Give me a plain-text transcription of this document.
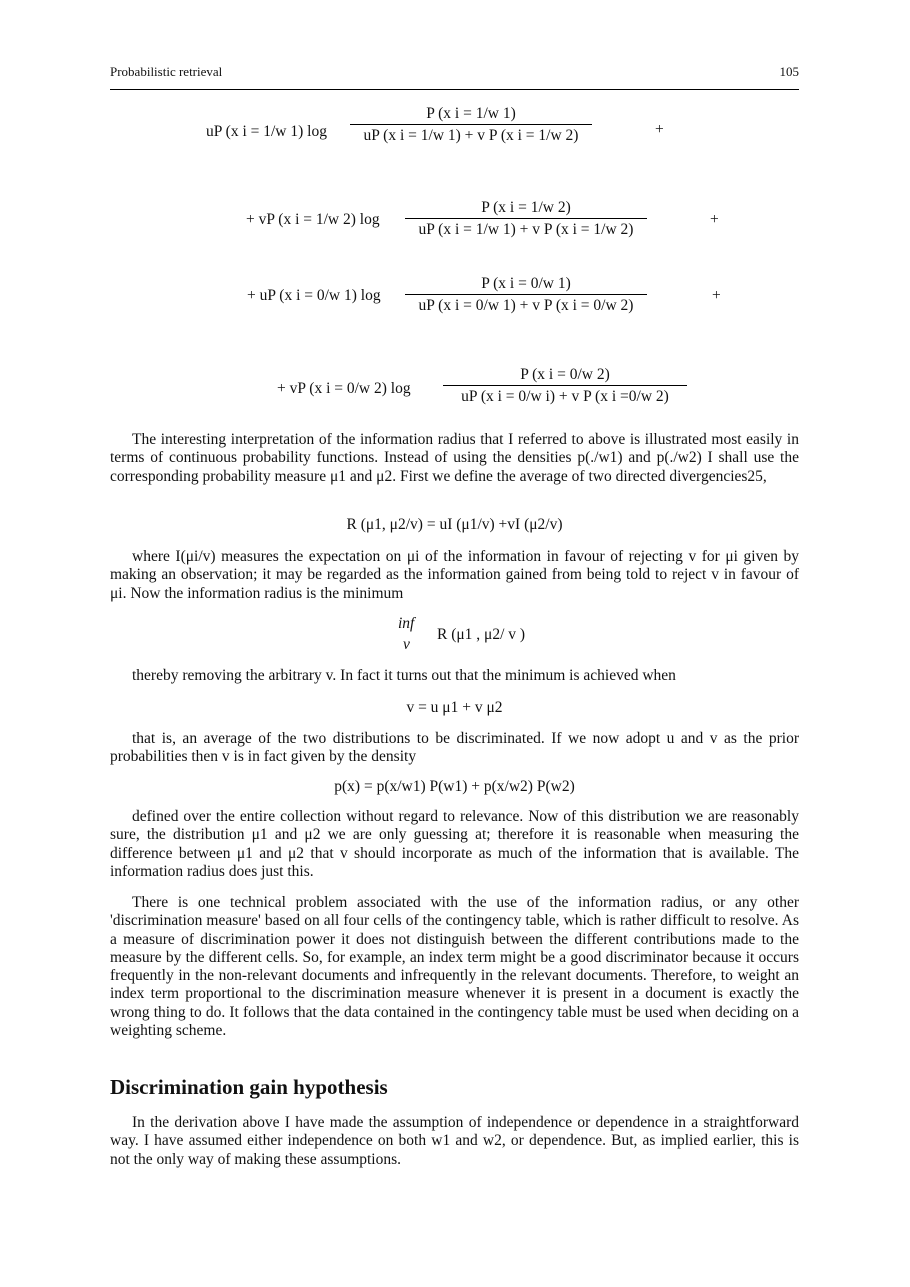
Probabilistic retrieval	105
uP (x i = 1/w 1) log
P (x i = 1/w 1)
uP (x i = 1/w 1) + v P (x i = 1/w 2)	+
+ vP (x i = 1/w 2) log
P (x i = 1/w 2)
uP (x i = 1/w 1) + v P (x i = 1/w 2)
+
+ uP (x i = 0/w 1) log
P (x i = 0/w 1)
uP (x i = 0/w 1) + v P (x i = 0/w 2)
+
+ vP (x i = 0/w 2) log
P (x i = 0/w 2)
uP (x i = 0/w i) + v P (x i =0/w 2)

The interesting interpretation of the information radius that I referred to above is illustrated most easily in terms of continuous probability functions. Instead of using the densities p(./w1) and p(./w2) I shall use the corresponding probability measure μ1 and μ2. First we define the average of two directed divergencies25,

R (μ1, μ2/v) = uI (μ1/v) +vI (μ2/v)

where I(μi/v) measures the expectation on μi of the information in favour of rejecting v for μi given by making an observation; it may be regarded as the information gained from being told to reject v in favour of μi. Now the information radius is the minimum

inf
v
R (μ1 , μ2/ v )

thereby removing the arbitrary v. In fact it turns out that the minimum is achieved when

v = u μ1 + v μ2

that is, an average of the two distributions to be discriminated. If we now adopt u and v as the prior probabilities then v is in fact given by the density

p(x) = p(x/w1) P(w1) + p(x/w2) P(w2)

defined over the entire collection without regard to relevance. Now of this distribution we are reasonably sure, the distribution μ1 and μ2 we are only guessing at; therefore it is reasonable when measuring the difference between μ1 and μ2 that v should incorporate as much of the information that is available. The information radius does just this.

There is one technical problem associated with the use of the information radius, or any other 'discrimination measure' based on all four cells of the contingency table, which is rather difficult to resolve. As a measure of discrimination power it does not distinguish between the different contributions made to the measure by the different cells. So, for example, an index term might be a good discriminator because it occurs frequently in the non-relevant documents and infrequently in the relevant documents. Therefore, to weight an index term proportional to the discrimination measure whenever it is present in a document is exactly the wrong thing to do. It follows that the data contained in the contingency table must be used when deciding on a weighting scheme.

Discrimination gain hypothesis

In the derivation above I have made the assumption of independence or dependence in a straightforward way. I have assumed either independence on both w1 and w2, or dependence. But, as implied earlier, this is not the only way of making these assumptions.
